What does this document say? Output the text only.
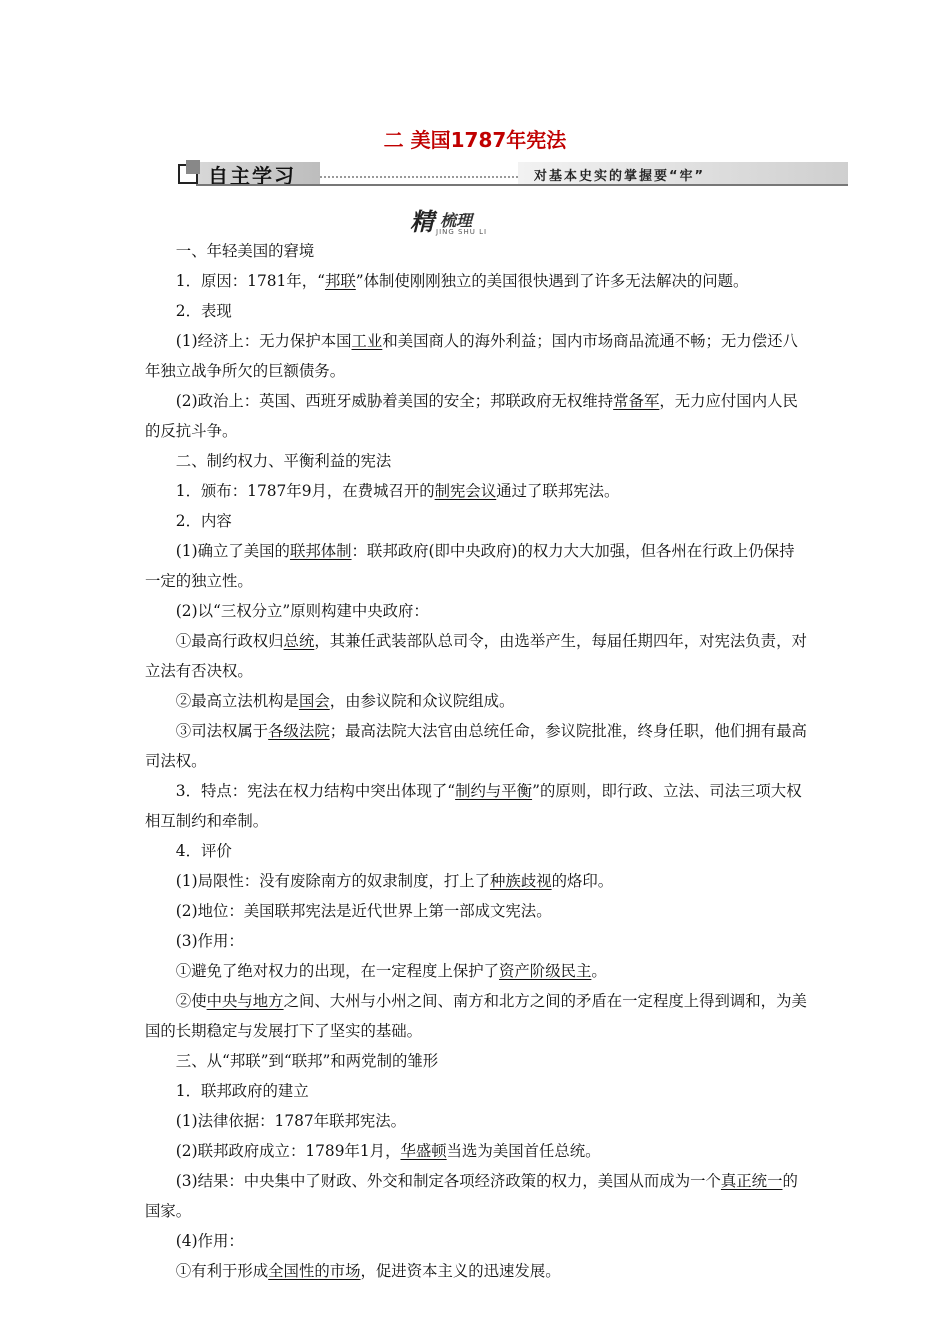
二 美国1787年宪法
自主学习	对基本史实的掌握要“牢”
精 梳理
JING SHU LI

一、年轻美国的窘境

1．原因：1781年，“邦联”体制使刚刚独立的美国很快遇到了许多无法解决的问题。

2．表现

(1)经济上：无力保护本国工业和美国商人的海外利益；国内市场商品流通不畅；无力偿还八年独立战争所欠的巨额债务。

(2)政治上：英国、西班牙威胁着美国的安全；邦联政府无权维持常备军，无力应付国内人民的反抗斗争。

二、制约权力、平衡利益的宪法

1．颁布：1787年9月，在费城召开的制宪会议通过了联邦宪法。

2．内容

(1)确立了美国的联邦体制：联邦政府(即中央政府)的权力大大加强，但各州在行政上仍保持一定的独立性。

(2)以“三权分立”原则构建中央政府：

①最高行政权归总统，其兼任武装部队总司令，由选举产生，每届任期四年，对宪法负责，对立法有否决权。

②最高立法机构是国会，由参议院和众议院组成。

③司法权属于各级法院；最高法院大法官由总统任命，参议院批准，终身任职，他们拥有最高司法权。

3．特点：宪法在权力结构中突出体现了“制约与平衡”的原则，即行政、立法、司法三项大权相互制约和牵制。

4．评价

(1)局限性：没有废除南方的奴隶制度，打上了种族歧视的烙印。

(2)地位：美国联邦宪法是近代世界上第一部成文宪法。

(3)作用：

①避免了绝对权力的出现，在一定程度上保护了资产阶级民主。

②使中央与地方之间、大州与小州之间、南方和北方之间的矛盾在一定程度上得到调和，为美国的长期稳定与发展打下了坚实的基础。

三、从“邦联”到“联邦”和两党制的雏形

1．联邦政府的建立

(1)法律依据：1787年联邦宪法。

(2)联邦政府成立：1789年1月，华盛顿当选为美国首任总统。

(3)结果：中央集中了财政、外交和制定各项经济政策的权力，美国从而成为一个真正统一的国家。

(4)作用：

①有利于形成全国性的市场，促进资本主义的迅速发展。
